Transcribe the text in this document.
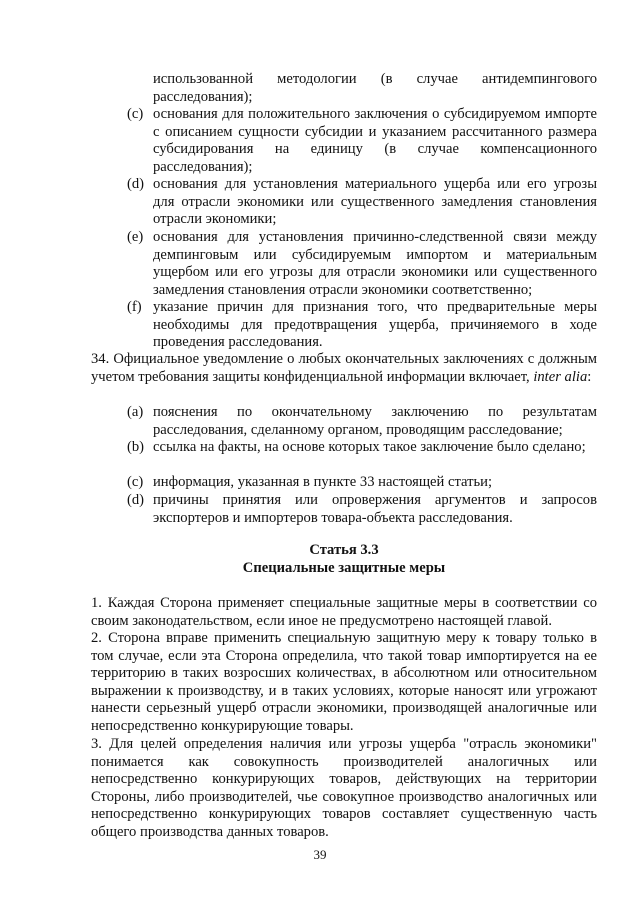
использованной методологии (в случае антидемпингового расследования);

(c) основания для положительного заключения о субсидируемом импорте с описанием сущности субсидии и указанием рассчитанного размера субсидирования на единицу (в случае компенсационного расследования);
(d) основания для установления материального ущерба или его угрозы для отрасли экономики или существенного замедления становления отрасли экономики;
(e) основания для установления причинно-следственной связи между демпинговым или субсидируемым импортом и материальным ущербом или его угрозы для отрасли экономики или существенного замедления становления отрасли экономики соответственно;
(f) указание причин для признания того, что предварительные меры необходимы для предотвращения ущерба, причиняемого в ходе проведения расследования.

34. Официальное уведомление о любых окончательных заключениях с должным учетом требования защиты конфиденциальной информации включает, inter alia:

(a) пояснения по окончательному заключению по результатам расследования, сделанному органом, проводящим расследование;
(b) ссылка на факты, на основе которых такое заключение было сделано;
(c) информация, указанная в пункте 33 настоящей статьи;
(d) причины принятия или опровержения аргументов и запросов экспортеров и импортеров товара-объекта расследования.

Статья 3.3

Специальные защитные меры

1. Каждая Сторона применяет специальные защитные меры в соответствии со своим законодательством, если иное не предусмотрено настоящей главой.

2. Сторона вправе применить специальную защитную меру к товару только в том случае, если эта Сторона определила, что такой товар импортируется на ее территорию в таких возросших количествах, в абсолютном или относительном выражении к производству, и в таких условиях, которые наносят или угрожают нанести серьезный ущерб отрасли экономики, производящей аналогичные или непосредственно конкурирующие товары.

3. Для целей определения наличия или угрозы ущерба "отрасль экономики" понимается как совокупность производителей аналогичных или непосредственно конкурирующих товаров, действующих на территории Стороны, либо производителей, чье совокупное производство аналогичных или непосредственно конкурирующих товаров составляет существенную часть общего производства данных товаров.

39
